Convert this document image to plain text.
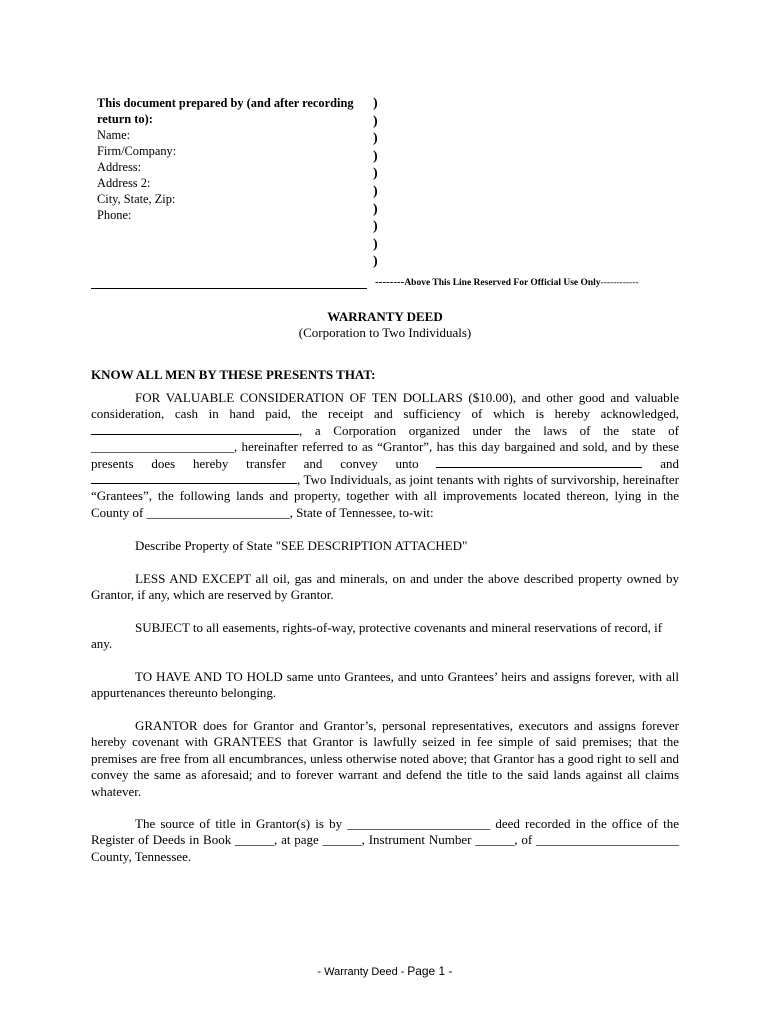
This document prepared by (and after recording
return to):
Name:
Firm/Company:
Address:
Address 2:
City, State, Zip:
Phone:
)
)
)
)
)
)
)
)
)
)
--------Above This Line Reserved For Official Use Only------------
WARRANTY DEED
(Corporation to Two Individuals)
KNOW ALL MEN BY THESE PRESENTS THAT:
FOR VALUABLE CONSIDERATION OF TEN DOLLARS ($10.00), and other good and valuable consideration, cash in hand paid, the receipt and sufficiency of which is hereby acknowledged, , a Corporation organized under the laws of the state of ______________________, hereinafter referred to as “Grantor”, has this day bargained and sold, and by these presents does hereby transfer and convey unto	and , Two Individuals, as joint tenants with rights of survivorship, hereinafter “Grantees”, the following lands and property, together with all improvements located thereon, lying in the County of ______________________, State of Tennessee, to-wit:
Describe Property of State "SEE DESCRIPTION ATTACHED"
LESS AND EXCEPT all oil, gas and minerals, on and under the above described property owned by Grantor, if any, which are reserved by Grantor.
SUBJECT to all easements, rights-of-way, protective covenants and mineral reservations of record, if any.
TO HAVE AND TO HOLD same unto Grantees, and unto Grantees’ heirs and assigns forever, with all appurtenances thereunto belonging.
GRANTOR does for Grantor and Grantor’s, personal representatives, executors and assigns forever hereby covenant with GRANTEES that Grantor is lawfully seized in fee simple of said premises; that the premises are free from all encumbrances, unless otherwise noted above; that Grantor has a good right to sell and convey the same as aforesaid; and to forever warrant and defend the title to the said lands against all claims whatever.
The source of title in Grantor(s) is by ______________________ deed recorded in the office of the Register of Deeds in Book ______, at page ______, Instrument Number ______, of ______________________ County, Tennessee.
- Warranty Deed - Page 1 -
